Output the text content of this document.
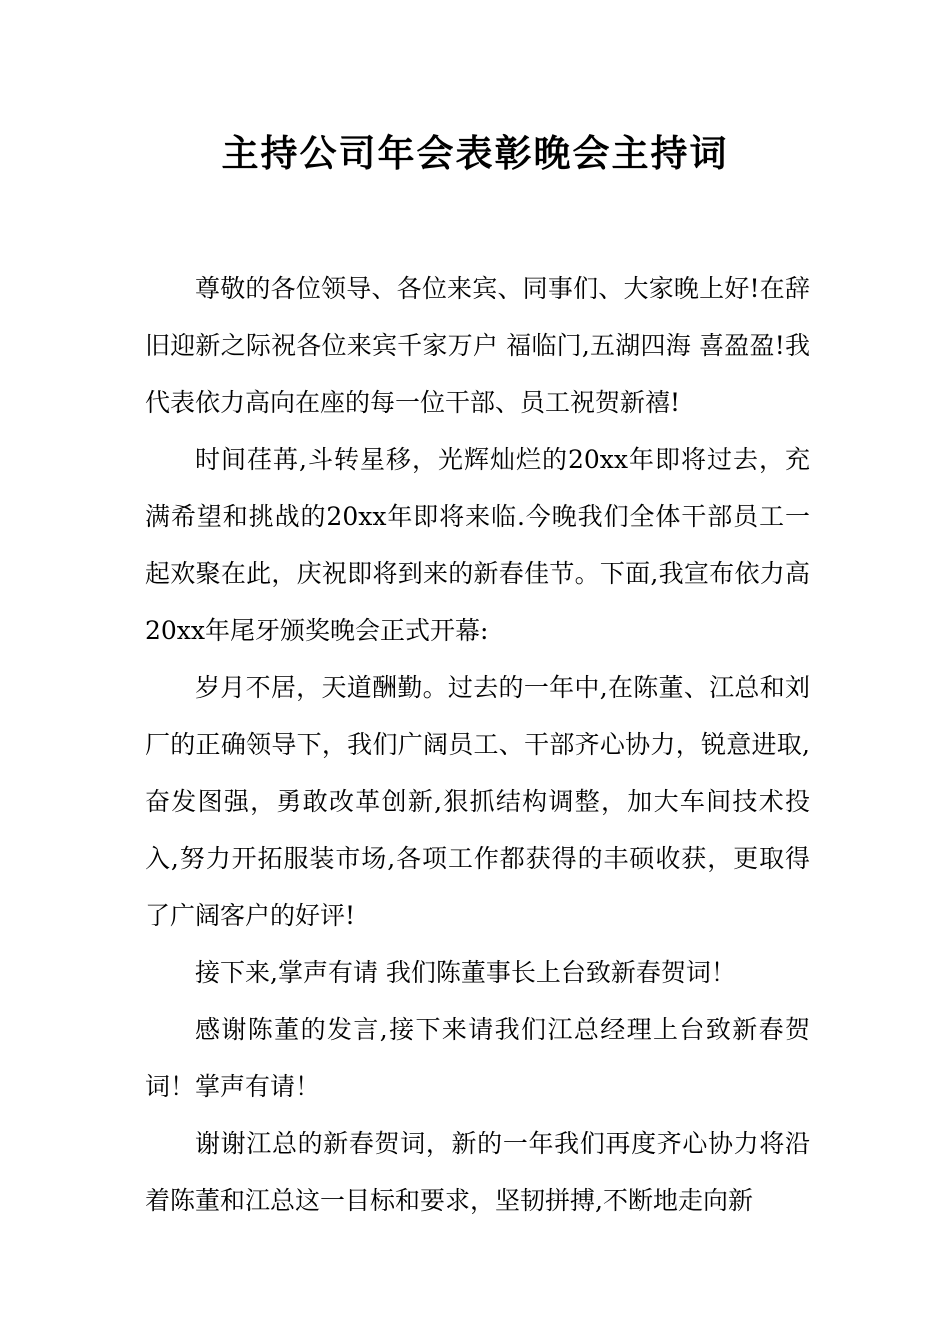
主持公司年会表彰晚会主持词

尊敬的各位领导、各位来宾、同事们、大家晚上好!在辞旧迎新之际祝各位来宾千家万户 福临门,五湖四海 喜盈盈!我代表依力高向在座的每一位干部、员工祝贺新禧!

时间荏苒,斗转星移，光辉灿烂的20xx年即将过去，充满希望和挑战的20xx年即将来临.今晚我们全体干部员工一起欢聚在此，庆祝即将到来的新春佳节。下面,我宣布依力高20xx年尾牙颁奖晚会正式开幕:

岁月不居，天道酬勤。过去的一年中,在陈董、江总和刘厂的正确领导下，我们广阔员工、干部齐心协力，锐意进取,奋发图强，勇敢改革创新,狠抓结构调整，加大车间技术投入,努力开拓服装市场,各项工作都获得的丰硕收获，更取得了广阔客户的好评!

接下来,掌声有请 我们陈董事长上台致新春贺词！

感谢陈董的发言,接下来请我们江总经理上台致新春贺词！掌声有请！

谢谢江总的新春贺词，新的一年我们再度齐心协力将沿着陈董和江总这一目标和要求，坚韧拼搏,不断地走向新
